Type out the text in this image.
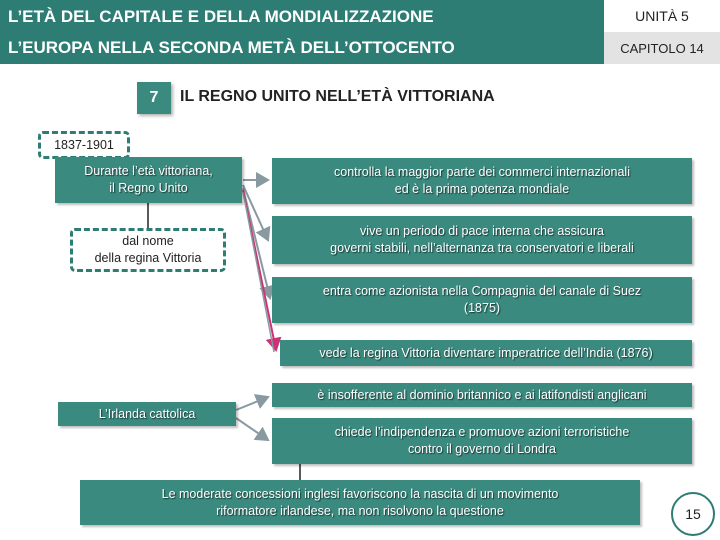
L’ETÀ DEL CAPITALE E DELLA MONDIALIZZAZIONE
L’EUROPA NELLA SECONDA METÀ DELL’OTTOCENTO
UNITÀ 5
CAPITOLO 14
7 IL REGNO UNITO NELL’ETÀ VITTORIANA
1837-1901
Durante l’età vittoriana,
il Regno Unito
dal nome
della regina Vittoria
L’Irlanda cattolica
controlla la maggior parte dei commerci internazionali
ed è la prima potenza mondiale
vive un periodo di pace interna che assicura
governi stabili, nell’alternanza tra conservatori e liberali
entra come azionista nella Compagnia del canale di Suez
(1875)
vede la regina Vittoria diventare imperatrice dell’India (1876)
è insofferente al dominio britannico e ai latifondisti anglicani
chiede l’indipendenza e promuove azioni terroristiche
contro il governo di Londra
Le moderate concessioni inglesi favoriscono la nascita di un movimento
riformatore irlandese, ma non risolvono la questione	15
